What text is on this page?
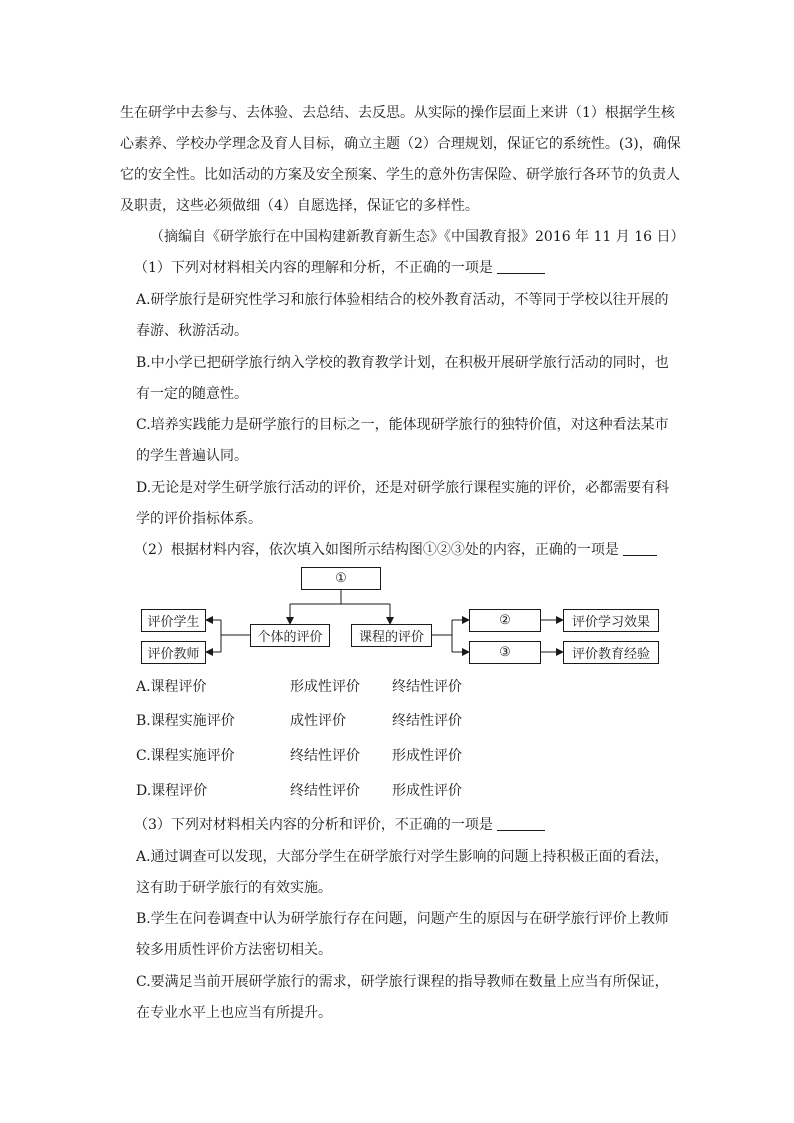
生在研学中去参与、去体验、去总结、去反思。从实际的操作层面上来讲（1）根据学生核
心素养、学校办学理念及育人目标，确立主题（2）合理规划，保证它的系统性。(3)，确保
它的安全性。比如活动的方案及安全预案、学生的意外伤害保险、研学旅行各环节的负责人
及职责，这些必须做细（4）自愿选择，保证它的多样性。
（摘编自《研学旅行在中国构建新教育新生态》《中国教育报》2016 年 11 月 16 日）
（1）下列对材料相关内容的理解和分析，不正确的一项是
A.研学旅行是研究性学习和旅行体验相结合的校外教育活动，不等同于学校以往开展的
春游、秋游活动。
B.中小学已把研学旅行纳入学校的教育教学计划，在积极开展研学旅行活动的同时，也
有一定的随意性。
C.培养实践能力是研学旅行的目标之一，能体现研学旅行的独特价值，对这种看法某市
的学生普遍认同。
D.无论是对学生研学旅行活动的评价，还是对研学旅行课程实施的评价，必都需要有科
学的评价指标体系。
（2）根据材料内容，依次填入如图所示结构图①②③处的内容，正确的一项是
①
个体的评价	课程的评价
评价学生
评价教师
②
③
评价学习效果
评价教育经验
A.课程评价	形成性评价 终结性评价
B.课程实施评价	成性评价	终结性评价
C.课程实施评价	终结性评价 形成性评价
D.课程评价	终结性评价 形成性评价
（3）下列对材料相关内容的分析和评价，不正确的一项是
A.通过调查可以发现，大部分学生在研学旅行对学生影响的问题上持积极正面的看法，
这有助于研学旅行的有效实施。
B.学生在问卷调查中认为研学旅行存在问题，问题产生的原因与在研学旅行评价上教师
较多用质性评价方法密切相关。
C.要满足当前开展研学旅行的需求，研学旅行课程的指导教师在数量上应当有所保证，
在专业水平上也应当有所提升。
